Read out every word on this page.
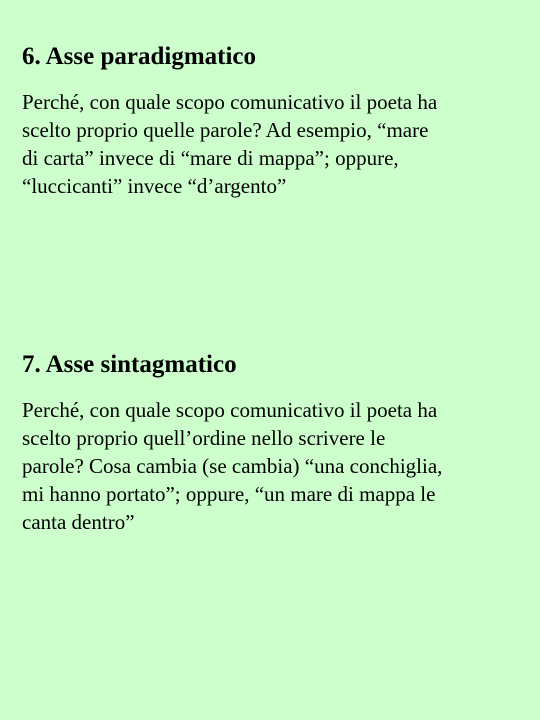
6. Asse paradigmatico

Perché, con quale scopo comunicativo il poeta ha
scelto proprio quelle parole? Ad esempio, “mare
di carta” invece di “mare di mappa”; oppure,
“luccicanti” invece “d’argento”

7. Asse sintagmatico

Perché, con quale scopo comunicativo il poeta ha
scelto proprio quell’ordine nello scrivere le
parole? Cosa cambia (se cambia) “una conchiglia,
mi hanno portato”; oppure, “un mare di mappa le
canta dentro”
